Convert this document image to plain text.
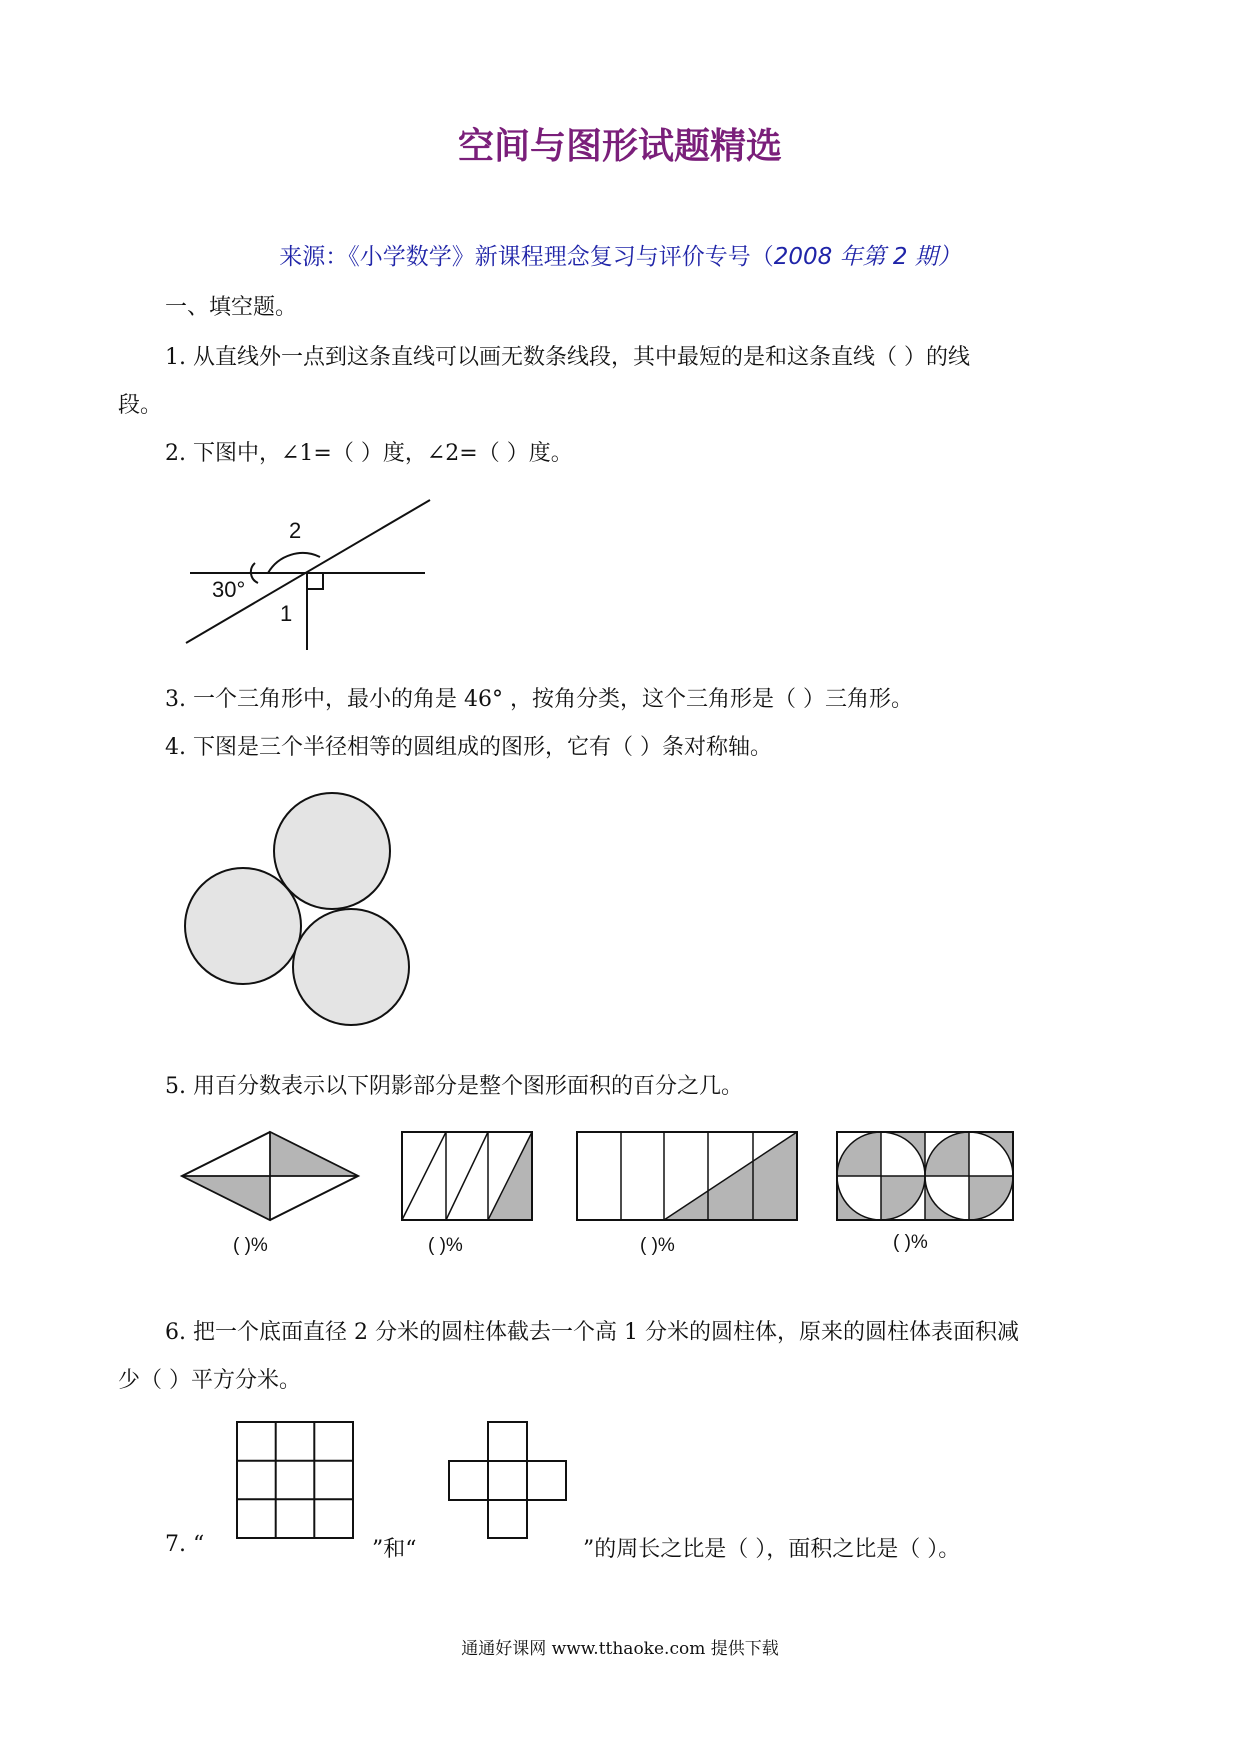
空间与图形试题精选
来源：《小学数学》新课程理念复习与评价专号（2008 年第 2 期）
一、填空题。
1. 从直线外一点到这条直线可以画无数条线段，其中最短的是和这条直线（ ）的线
段。
2. 下图中，∠1=（ ）度，∠2=（ ）度。
2
1
30°
3. 一个三角形中，最小的角是 46° ，按角分类，这个三角形是（ ）三角形。
4. 下图是三个半径相等的圆组成的图形，它有（ ）条对称轴。
5. 用百分数表示以下阴影部分是整个图形面积的百分之几。
( )%	( )%	( )%	( )%
6. 把一个底面直径 2 分米的圆柱体截去一个高 1 分米的圆柱体，原来的圆柱体表面积减
少（ ）平方分米。
7. “	”和“	”的周长之比是（ ），面积之比是（ ）。
通通好课网 www.tthaoke.com 提供下载
